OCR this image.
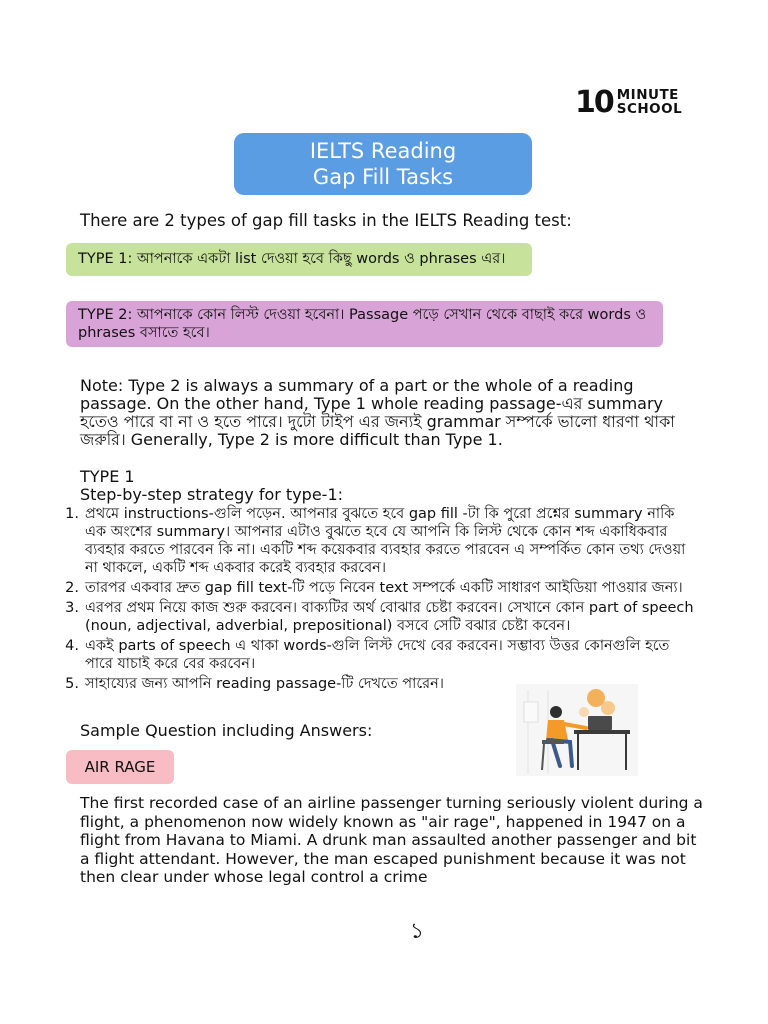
10 MINUTE
SCHOOL
IELTS Reading
Gap Fill Tasks
There are 2 types of gap fill tasks in the IELTS Reading test:
TYPE 1: আপনাকে একটা list দেওয়া হবে কিছু words ও phrases এর।
TYPE 2: আপনাকে কোন লিস্ট দেওয়া হবেনা। Passage পড়ে সেখান থেকে বাছাই করে words ও phrases বসাতে হবে।
Note: Type 2 is always a summary of a part or the whole of a reading passage. On the other hand, Type 1 whole reading passage-এর summary হতেও পারে বা না ও হতে পারে। দুটো টাইপ এর জন্যই grammar সম্পর্কে ভালো ধারণা থাকা জরুরি। Generally, Type 2 is more difficult than Type 1.
TYPE 1
Step-by-step strategy for type-1:
1. প্রথমে instructions-গুলি পড়েন. আপনার বুঝতে হবে gap fill -টা কি পুরো প্রশ্নের summary নাকি এক অংশের summary। আপনার এটাও বুঝতে হবে যে আপনি কি লিস্ট থেকে কোন শব্দ একাধিকবার ব্যবহার করতে পারবেন কি না। একটি শব্দ কয়েকবার ব্যবহার করতে পারবেন এ সম্পর্কিত কোন তথ্য দেওয়া না থাকলে, একটি শব্দ একবার করেই ব্যবহার করবেন।
2. তারপর একবার দ্রুত gap fill text-টি পড়ে নিবেন text সম্পর্কে একটি সাধারণ আইডিয়া পাওয়ার জন্য।
3. এরপর প্রথম নিয়ে কাজ শুরু করবেন। বাক্যটির অর্থ বোঝার চেষ্টা করবেন। সেখানে কোন part of speech (noun, adjectival, adverbial, prepositional) বসবে সেটি বঝার চেষ্টা কবেন।
4. একই parts of speech এ থাকা words-গুলি লিস্ট দেখে বের করবেন। সম্ভাব্য উত্তর কোনগুলি হতে পারে যাচাই করে বের করবেন।
5. সাহায্যের জন্য আপনি reading passage-টি দেখতে পারেন।
Sample Question including Answers:
AIR RAGE
The first recorded case of an airline passenger turning seriously violent during a flight, a phenomenon now widely known as "air rage", happened in 1947 on a flight from Havana to Miami. A drunk man assaulted another passenger and bit a flight attendant. However, the man escaped punishment because it was not then clear under whose legal control a crime
১
